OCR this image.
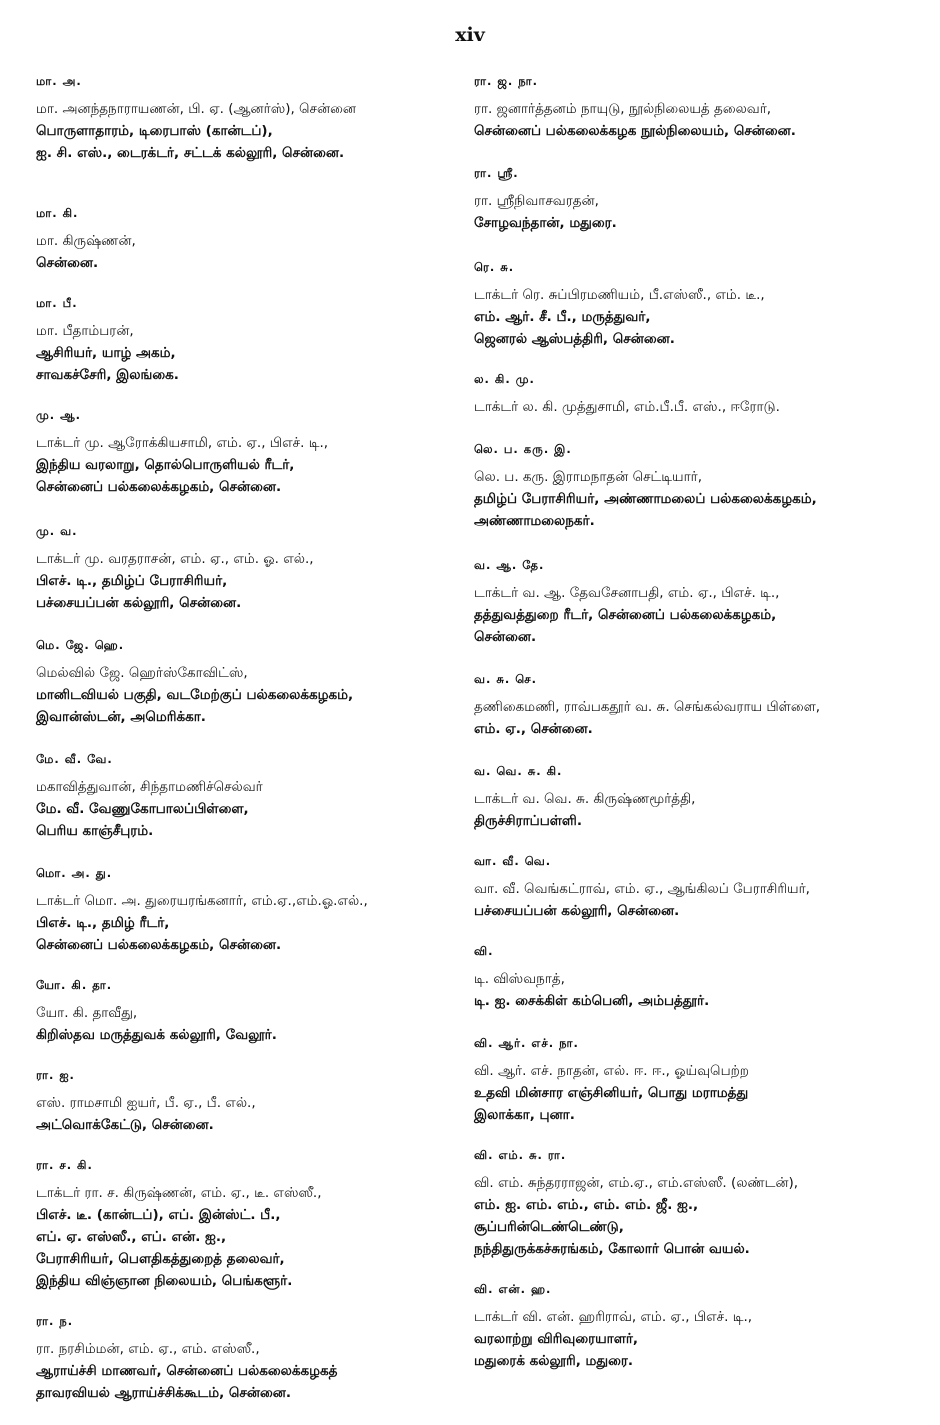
xiv
மா. அ.
மா. அனந்தநாராயணன், பி. ஏ. (ஆனர்ஸ்), சென்னை
பொருளாதாரம், டிரைபாஸ் (கான்டப்),
ஐ. சி. எஸ்., டைரக்டர், சட்டக் கல்லூரி, சென்னை.
மா. கி.
மா. கிருஷ்ணன்,
சென்னை.
மா. பீ.
மா. பீதாம்பரன்,
ஆசிரியர், யாழ் அகம்,
சாவகச்சேரி, இலங்கை.
மு. ஆ.
டாக்டர் மு. ஆரோக்கியசாமி, எம். ஏ., பிஎச். டி.,
இந்திய வரலாறு, தொல்பொருளியல் ரீடர்,
சென்னைப் பல்கலைக்கழகம், சென்னை.
மு. வ.
டாக்டர் மு. வரதராசன், எம். ஏ., எம். ஓ. எல்.,
பிஎச். டி., தமிழ்ப் பேராசிரியர்,
பச்சையப்பன் கல்லூரி, சென்னை.
மெ. ஜே. ஹெ.
மெல்வில் ஜே. ஹெர்ஸ்கோவிட்ஸ்,
மானிடவியல் பகுதி, வடமேற்குப் பல்கலைக்கழகம்,
இவான்ஸ்டன், அமெரிக்கா.
மே. வீ. வே.
மகாவித்துவான், சிந்தாமணிச்செல்வர்
மே. வீ. வேணுகோபாலப்பிள்ளை,
பெரிய காஞ்சீபுரம்.
மொ. அ. து.
டாக்டர் மொ. அ. துரையரங்கனார், எம்.ஏ.,எம்.ஓ.எல்.,
பிஎச். டி., தமிழ் ரீடர்,
சென்னைப் பல்கலைக்கழகம், சென்னை.
யோ. கி. தா.
யோ. கி. தாவீது,
கிறிஸ்தவ மருத்துவக் கல்லூரி, வேலூர்.
ரா. ஐ.
எஸ். ராமசாமி ஐயர், பீ. ஏ., பீ. எல்.,
அட்வொக்கேட்டு, சென்னை.
ரா. ச. கி.
டாக்டர் ரா. ச. கிருஷ்ணன், எம். ஏ., டீ. எஸ்ஸீ.,
பிஎச். டீ. (கான்டப்), எப். இன்ஸ்ட். பீ.,
எப். ஏ. எஸ்ஸீ., எப். என். ஐ.,
பேராசிரியர், பௌதிகத்துறைத் தலைவர்,
இந்திய விஞ்ஞான நிலையம், பெங்களூர்.
ரா. ந.
ரா. நரசிம்மன், எம். ஏ., எம். எஸ்ஸீ.,
ஆராய்ச்சி மாணவர், சென்னைப் பல்கலைக்கழகத்
தாவரவியல் ஆராய்ச்சிக்கூடம், சென்னை.
ரா. ஜ. நா.
ரா. ஜனார்த்தனம் நாயுடு, நூல்நிலையத் தலைவர்,
சென்னைப் பல்கலைக்கழக நூல்நிலையம், சென்னை.
ரா. ஸ்ரீ.
ரா. ஸ்ரீநிவாசவரதன்,
சோழவந்தான், மதுரை.
ரெ. சு.
டாக்டர் ரெ. சுப்பிரமணியம், பீ.எஸ்ஸீ., எம். டீ.,
எம். ஆர். சீ. பீ., மருத்துவர்,
ஜெனரல் ஆஸ்பத்திரி, சென்னை.
ல. கி. மு.
டாக்டர் ல. கி. முத்துசாமி, எம்.பீ.பீ. எஸ்., ஈரோடு.
லெ. ப. கரு. இ.
லெ. ப. கரு. இராமநாதன் செட்டியார்,
தமிழ்ப் பேராசிரியர், அண்ணாமலைப் பல்கலைக்கழகம்,
அண்ணாமலைநகர்.
வ. ஆ. தே.
டாக்டர் வ. ஆ. தேவசேனாபதி, எம். ஏ., பிஎச். டி.,
தத்துவத்துறை ரீடர், சென்னைப் பல்கலைக்கழகம்,
சென்னை.
வ. சு. செ.
தணிகைமணி, ராவ்பகதூர் வ. சு. செங்கல்வராய பிள்ளை,
எம். ஏ., சென்னை.
வ. வெ. சு. கி.
டாக்டர் வ. வெ. சு. கிருஷ்ணமூர்த்தி,
திருச்சிராப்பள்ளி.
வா. வீ. வெ.
வா. வீ. வெங்கட்ராவ், எம். ஏ., ஆங்கிலப் பேராசிரியர்,
பச்சையப்பன் கல்லூரி, சென்னை.
வி.
டி. விஸ்வநாத்,
டி. ஐ. சைக்கிள் கம்பெனி, அம்பத்தூர்.
வி. ஆர். எச். நா.
வி. ஆர். எச். நாதன், எல். ஈ. ஈ., ஓய்வுபெற்ற
உதவி மின்சார எஞ்சினியர், பொது மராமத்து
இலாக்கா, புனா.
வி. எம். சு. ரா.
வி. எம். சுந்தரராஜன், எம்.ஏ., எம்.எஸ்ஸீ. (லண்டன்),
எம். ஐ. எம். எம்., எம். எம். ஜீ. ஐ.,
சூப்பரின்டெண்டெண்டு,
நந்திதுருக்கச்சுரங்கம், கோலார் பொன் வயல்.
வி. என். ஹ.
டாக்டர் வி. என். ஹரிராவ், எம். ஏ., பிஎச். டி.,
வரலாற்று விரிவுரையாளர்,
மதுரைக் கல்லூரி, மதுரை.
